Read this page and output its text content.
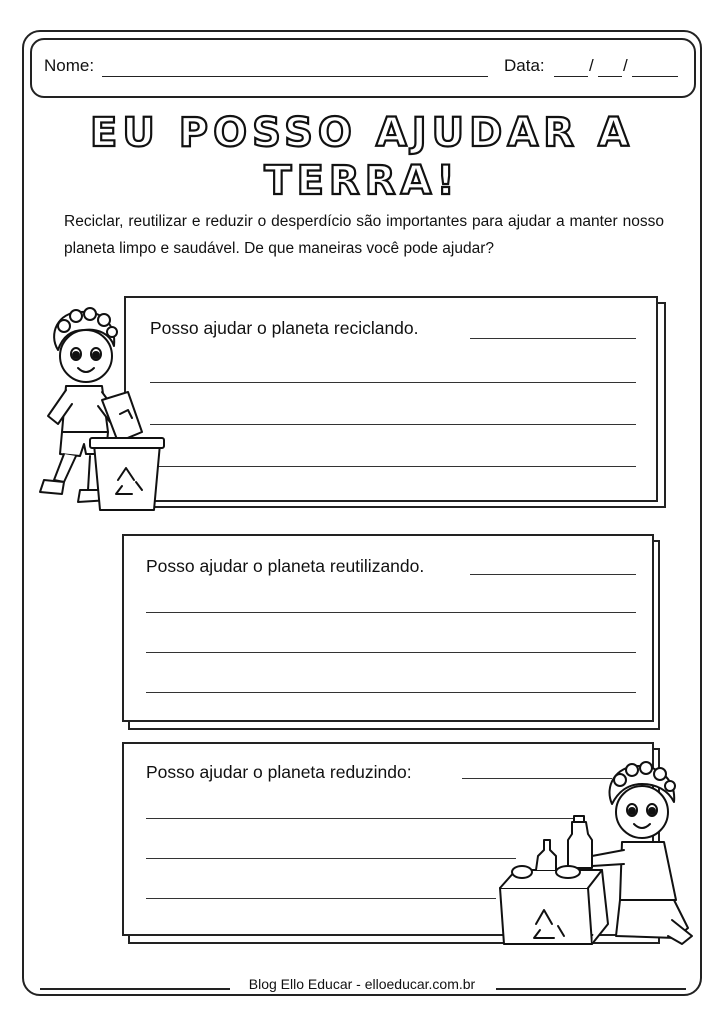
Nome:	Data:	/ /
EU POSSO AJUDAR A
TERRA!
Reciclar, reutilizar e reduzir o desperdício são importantes para ajudar a manter nosso planeta limpo e saudável. De que maneiras você pode ajudar?
Posso ajudar o planeta reciclando.
Posso ajudar o planeta reutilizando.
Posso ajudar o planeta reduzindo:
Blog Ello Educar - elloeducar.com.br
